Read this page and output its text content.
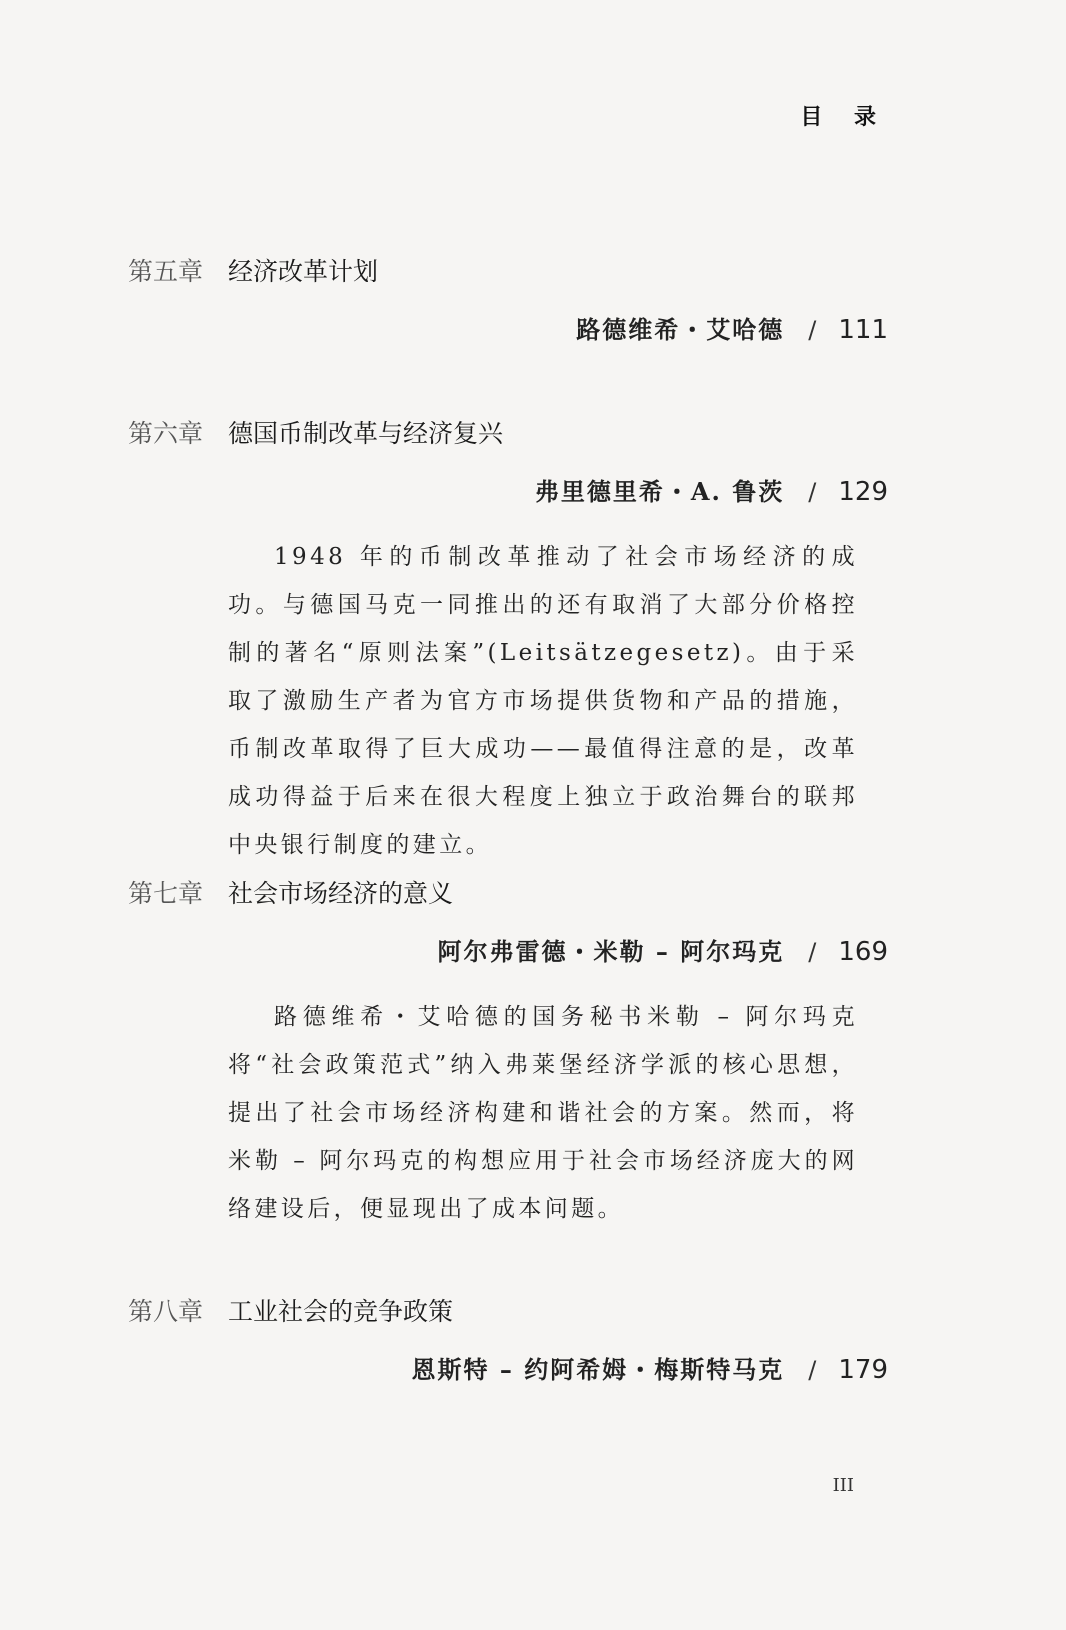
目 录
第五章 经济改革计划
路德维希・艾哈德 / 111
第六章 德国币制改革与经济复兴
弗里德里希・A. 鲁茨 / 129
1948 年的币制改革推动了社会市场经济的成功。与德国马克一同推出的还有取消了大部分价格控制的著名“原则法案”(Leitsätzegesetz)。由于采取了激励生产者为官方市场提供货物和产品的措施，币制改革取得了巨大成功——最值得注意的是，改革成功得益于后来在很大程度上独立于政治舞台的联邦中央银行制度的建立。
第七章 社会市场经济的意义
阿尔弗雷德・米勒 – 阿尔玛克 / 169
路德维希・艾哈德的国务秘书米勒 – 阿尔玛克将“社会政策范式”纳入弗莱堡经济学派的核心思想，提出了社会市场经济构建和谐社会的方案。然而，将米勒 – 阿尔玛克的构想应用于社会市场经济庞大的网络建设后，便显现出了成本问题。
第八章 工业社会的竞争政策
恩斯特 – 约阿希姆・梅斯特马克 / 179
III
